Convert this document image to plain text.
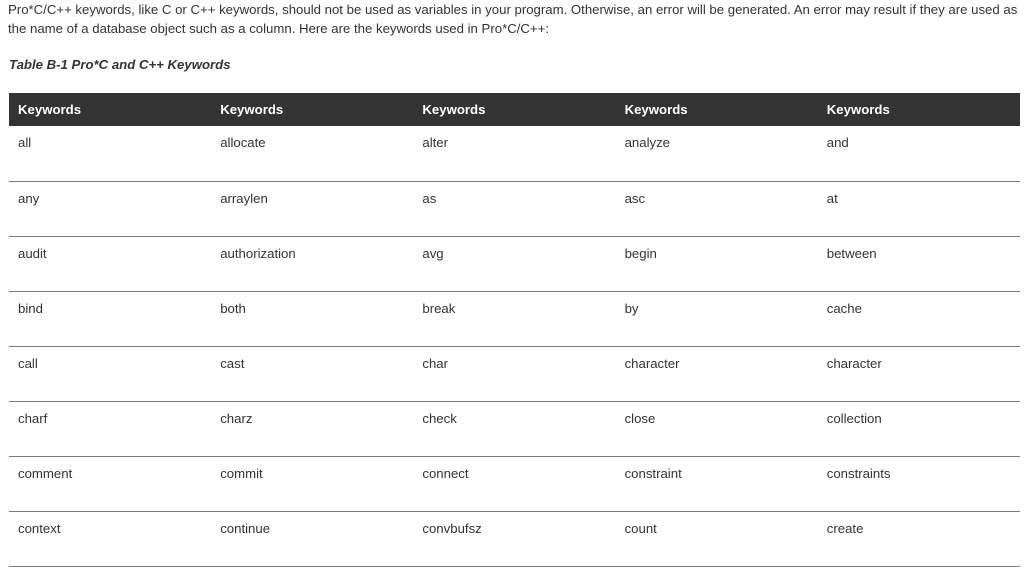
Pro*C/C++ keywords, like C or C++ keywords, should not be used as variables in your program. Otherwise, an error will be generated. An error may result if they are used as the name of a database object such as a column. Here are the keywords used in Pro*C/C++:

Table B-1 Pro*C and C++ Keywords

Keywords	Keywords	Keywords	Keywords	Keywords
all	allocate	alter	analyze	and
any	arraylen	as	asc	at
audit	authorization	avg	begin	between
bind	both	break	by	cache
call	cast	char	character	character
charf	charz	check	close	collection
comment	commit	connect	constraint	constraints
context	continue	convbufsz	count	create
